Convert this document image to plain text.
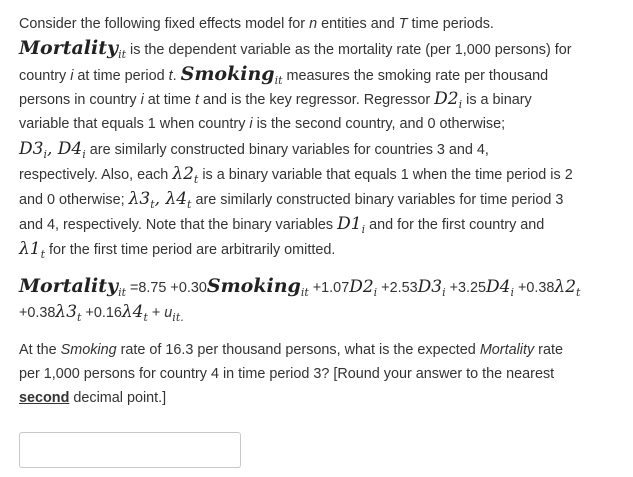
Consider the following fixed effects model for n entities and T time periods.
Mortality$_{it}$ is the dependent variable as the mortality rate (per 1,000 persons) for
country i at time period t. Smoking$_{it}$ measures the smoking rate per thousand
persons in country i at time t and is the key regressor. Regressor $D2_i$ is a binary
variable that equals 1 when country i is the second country, and 0 otherwise;
$D3_i$, $D4_i$ are similarly constructed binary variables for countries 3 and 4,
respectively. Also, each $\lambda 2_t$ is a binary variable that equals 1 when the time period is 2
and 0 otherwise; $\lambda 3_t$, $\lambda 4_t$ are similarly constructed binary variables for time period 3
and 4, respectively. Note that the binary variables $D1_i$ and for the first country and
$\lambda 1_t$ for the first time period are arbitrarily omitted.
Mortality$_{it}$ =8.75 +0.30Smoking$_{it}$ $+1.07D2_i +2.53D3_i +3.25D4_i +0.38\lambda 2_t$
$+0.38\lambda 3_t +0.16\lambda 4_t + u_{it.}$
At the Smoking rate of 16.3 per thousand persons, what is the expected Mortality rate
per 1,000 persons for country 4 in time period 3? [Round your answer to the nearest
second decimal point.]
